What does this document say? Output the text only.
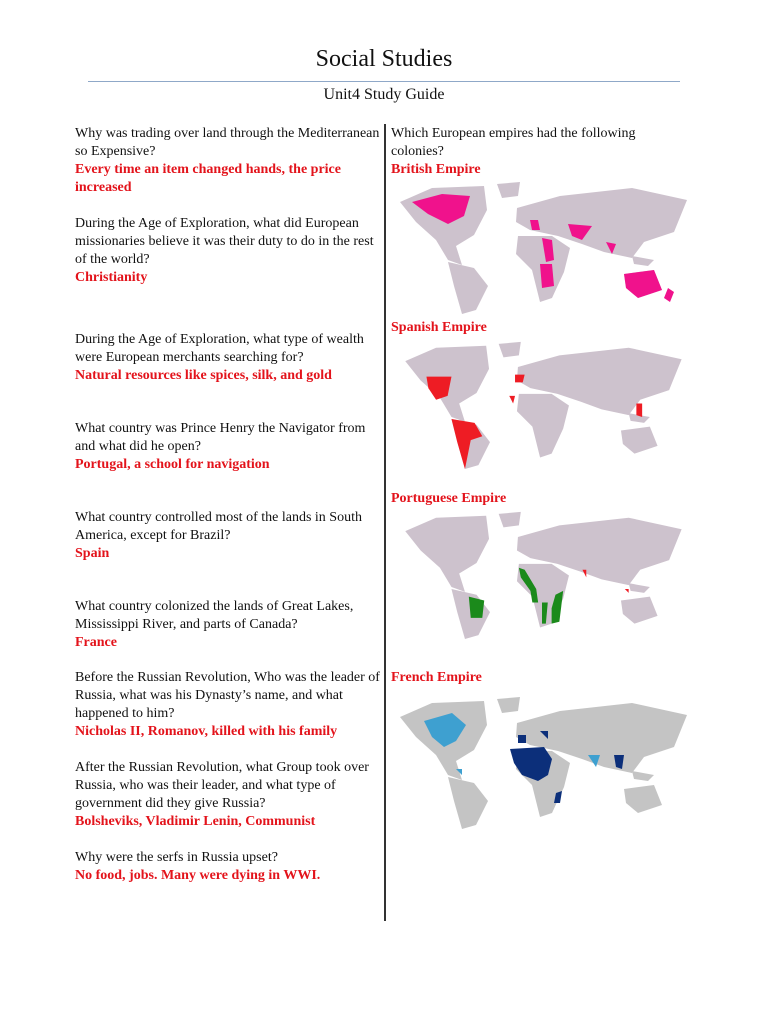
Social Studies
Unit4 Study Guide
Why was trading over land through the Mediterranean so Expensive?
Every time an item changed hands, the price increased
During the Age of Exploration, what did European missionaries believe it was their duty to do in the rest of the world?
Christianity
During the Age of Exploration, what type of wealth were European merchants searching for?
Natural resources like spices, silk, and gold
What country was Prince Henry the Navigator from and what did he open?
Portugal, a school for navigation
What country controlled most of the lands in South America, except for Brazil?
Spain
What country colonized the lands of Great Lakes, Mississippi River, and parts of Canada?
France
Before the Russian Revolution, Who was the leader of Russia, what was his Dynasty’s name, and what happened to him?
Nicholas II, Romanov, killed with his family
After the Russian Revolution, what Group took over Russia, who was their leader, and what type of government did they give Russia?
Bolsheviks, Vladimir Lenin, Communist
Why were the serfs in Russia upset?
No food, jobs. Many were dying in WWI.
Which European empires had the following colonies?
British Empire
Spanish Empire
Portuguese Empire
French Empire
